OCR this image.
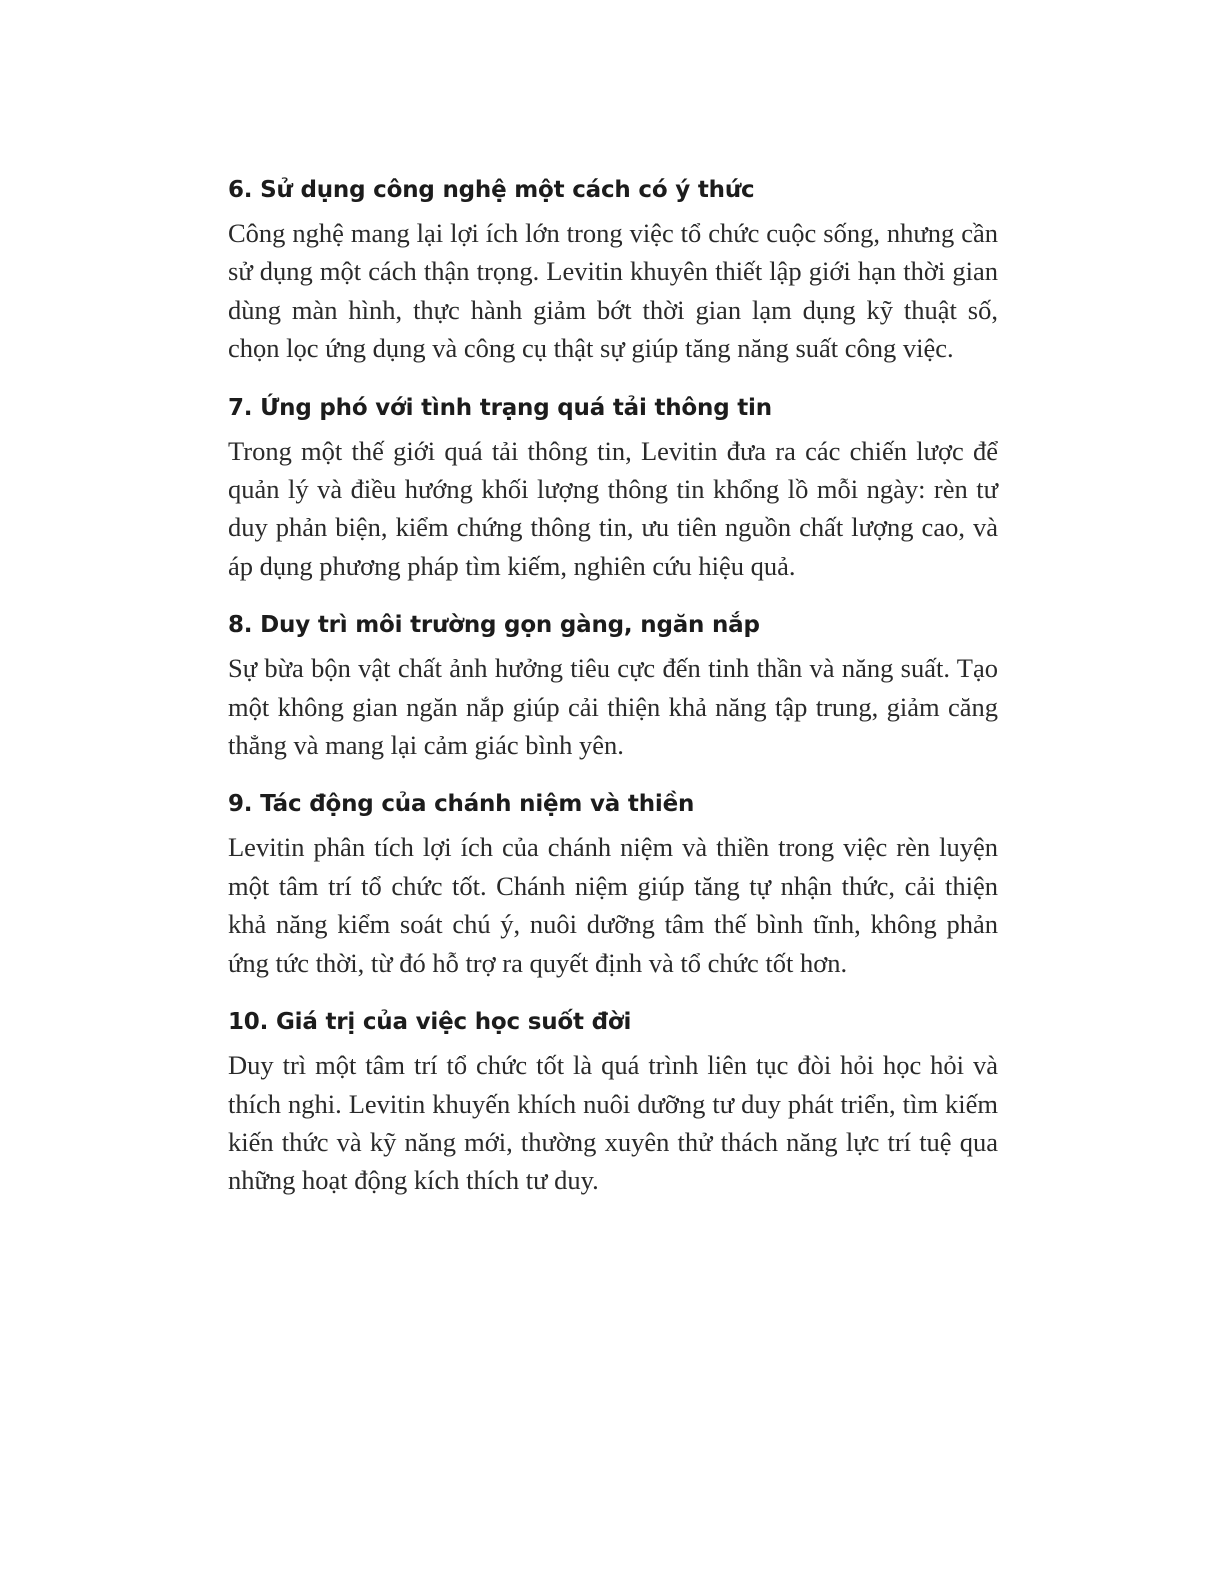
6. Sử dụng công nghệ một cách có ý thức

Công nghệ mang lại lợi ích lớn trong việc tổ chức cuộc sống, nhưng cần sử dụng một cách thận trọng. Levitin khuyên thiết lập giới hạn thời gian dùng màn hình, thực hành giảm bớt thời gian lạm dụng kỹ thuật số, chọn lọc ứng dụng và công cụ thật sự giúp tăng năng suất công việc.

7. Ứng phó với tình trạng quá tải thông tin

Trong một thế giới quá tải thông tin, Levitin đưa ra các chiến lược để quản lý và điều hướng khối lượng thông tin khổng lồ mỗi ngày: rèn tư duy phản biện, kiểm chứng thông tin, ưu tiên nguồn chất lượng cao, và áp dụng phương pháp tìm kiếm, nghiên cứu hiệu quả.

8. Duy trì môi trường gọn gàng, ngăn nắp

Sự bừa bộn vật chất ảnh hưởng tiêu cực đến tinh thần và năng suất. Tạo một không gian ngăn nắp giúp cải thiện khả năng tập trung, giảm căng thẳng và mang lại cảm giác bình yên.

9. Tác động của chánh niệm và thiền

Levitin phân tích lợi ích của chánh niệm và thiền trong việc rèn luyện một tâm trí tổ chức tốt. Chánh niệm giúp tăng tự nhận thức, cải thiện khả năng kiểm soát chú ý, nuôi dưỡng tâm thế bình tĩnh, không phản ứng tức thời, từ đó hỗ trợ ra quyết định và tổ chức tốt hơn.

10. Giá trị của việc học suốt đời

Duy trì một tâm trí tổ chức tốt là quá trình liên tục đòi hỏi học hỏi và thích nghi. Levitin khuyến khích nuôi dưỡng tư duy phát triển, tìm kiếm kiến thức và kỹ năng mới, thường xuyên thử thách năng lực trí tuệ qua những hoạt động kích thích tư duy.
